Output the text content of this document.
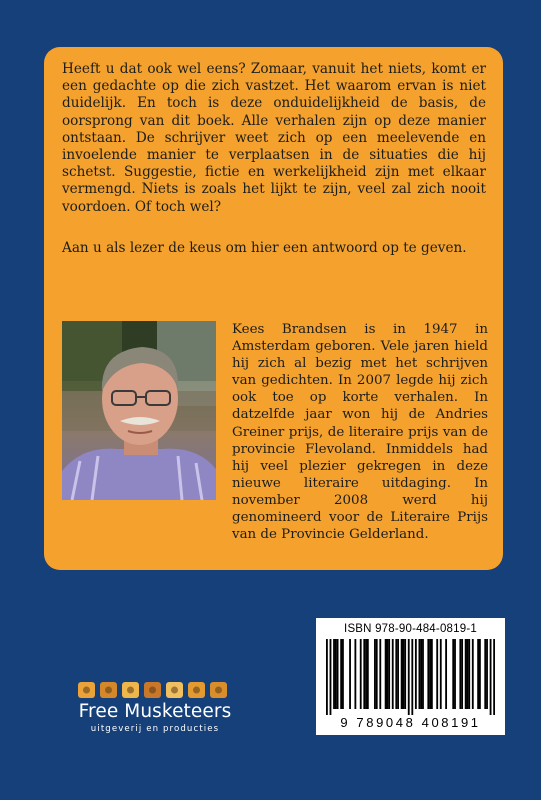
Heeft u dat ook wel eens? Zomaar, vanuit het niets, komt er een gedachte op die zich vastzet. Het waarom ervan is niet duidelijk. En toch is deze onduidelijkheid de basis, de oorsprong van dit boek. Alle verhalen zijn op deze manier ontstaan. De schrijver weet zich op een meelevende en invoelende manier te verplaatsen in de situaties die hij schetst. Suggestie, fictie en werkelijkheid zijn met elkaar vermengd. Niets is zoals het lijkt te zijn, veel zal zich nooit voordoen. Of toch wel?

Aan u als lezer de keus om hier een antwoord op te geven.

Kees Brandsen is in 1947 in Amsterdam geboren. Vele jaren hield hij zich al bezig met het schrijven van gedichten. In 2007 legde hij zich ook toe op korte verhalen. In datzelfde jaar won hij de Andries Greiner prijs, de literaire prijs van de provincie Flevoland. Inmiddels had hij veel plezier gekregen in deze nieuwe literaire uitdaging. In november 2008 werd hij genomineerd voor de Literaire Prijs van de Provincie Gelderland.

ISBN 978-90-484-0819-1
9 789048 408191
Free Musketeers
uitgeverij en producties
